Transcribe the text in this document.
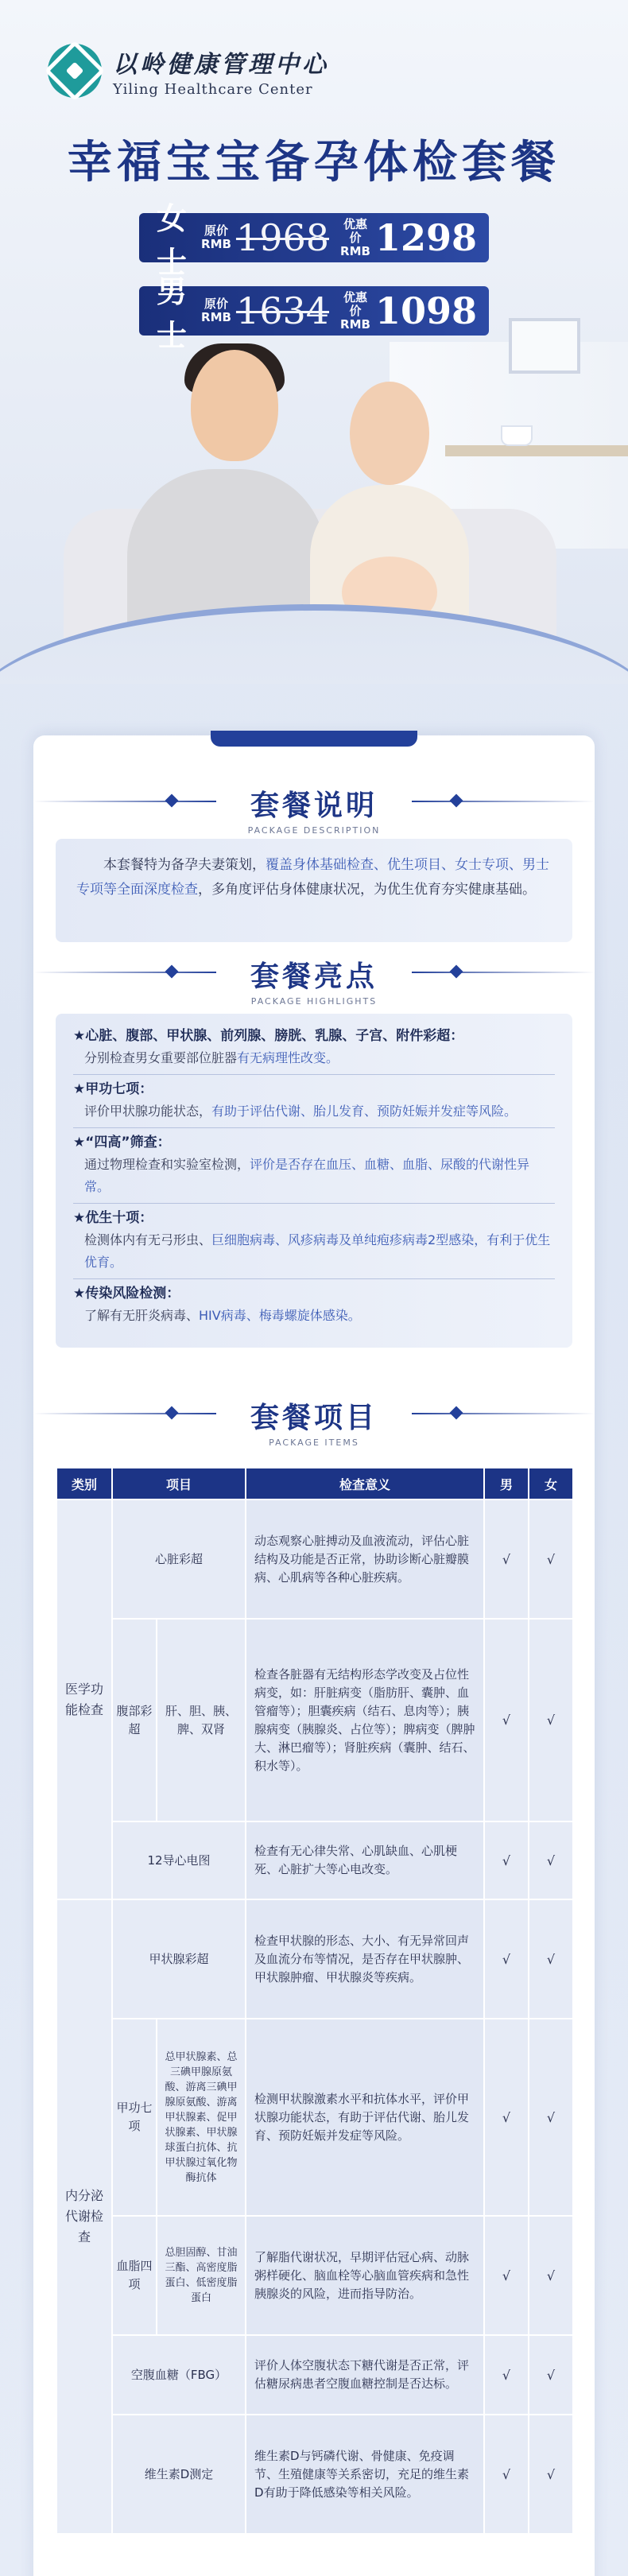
以岭健康管理中心
Yiling Healthcare Center
幸福宝宝备孕体检套餐
女士
原价
RMB 1968 优惠价
RMB 1298
男士
原价
RMB 1634 优惠价
RMB 1098
套餐说明
PACKAGE DESCRIPTION
本套餐特为备孕夫妻策划，覆盖身体基础检查、优生项目、女士专项、男士专项等全面深度检查，多角度评估身体健康状况，为优生优育夯实健康基础。
套餐亮点
PACKAGE HIGHLIGHTS
★心脏、腹部、甲状腺、前列腺、膀胱、乳腺、子宫、附件彩超：
分别检查男女重要部位脏器有无病理性改变。
★甲功七项：
评价甲状腺功能状态，有助于评估代谢、胎儿发育、预防妊娠并发症等风险。
★“四高”筛查：
通过物理检查和实验室检测，评价是否存在血压、血糖、血脂、尿酸的代谢性异常。
★优生十项：
检测体内有无弓形虫、巨细胞病毒、风疹病毒及单纯疱疹病毒2型感染，有利于优生优育。
★传染风险检测：
了解有无肝炎病毒、HIV病毒、梅毒螺旋体感染。
套餐项目
PACKAGE ITEMS
类别	项目		检查意义	男	女
医学功能检查	心脏彩超		动态观察心脏搏动及血液流动，评估心脏结构及功能是否正常，协助诊断心脏瓣膜病、心肌病等各种心脏疾病。	√	√
	腹部彩超	肝、胆、胰、脾、双肾	检查各脏器有无结构形态学改变及占位性病变，如：肝脏病变（脂肪肝、囊肿、血管瘤等）；胆囊疾病（结石、息肉等）；胰腺病变（胰腺炎、占位等）；脾病变（脾肿大、淋巴瘤等）；肾脏疾病（囊肿、结石、积水等）。	√	√
	12导心电图		检查有无心律失常、心肌缺血、心肌梗死、心脏扩大等心电改变。	√	√
内分泌代谢检查	甲状腺彩超		检查甲状腺的形态、大小、有无异常回声及血流分布等情况，是否存在甲状腺肿、甲状腺肿瘤、甲状腺炎等疾病。	√	√
	甲功七项	总甲状腺素、总三碘甲腺原氨酸、游离三碘甲腺原氨酸、游离甲状腺素、促甲状腺素、甲状腺球蛋白抗体、抗甲状腺过氧化物酶抗体	检测甲状腺激素水平和抗体水平，评价甲状腺功能状态，有助于评估代谢、胎儿发育、预防妊娠并发症等风险。	√	√
	血脂四项	总胆固醇、甘油三酯、高密度脂蛋白、低密度脂蛋白	了解脂代谢状况，早期评估冠心病、动脉粥样硬化、脑血栓等心脑血管疾病和急性胰腺炎的风险，进而指导防治。	√	√
	空腹血糖（FBG）		评价人体空腹状态下糖代谢是否正常，评估糖尿病患者空腹血糖控制是否达标。	√	√
	维生素D测定		维生素D与钙磷代谢、骨健康、免疫调节、生殖健康等关系密切，充足的维生素D有助于降低感染等相关风险。	√	√
